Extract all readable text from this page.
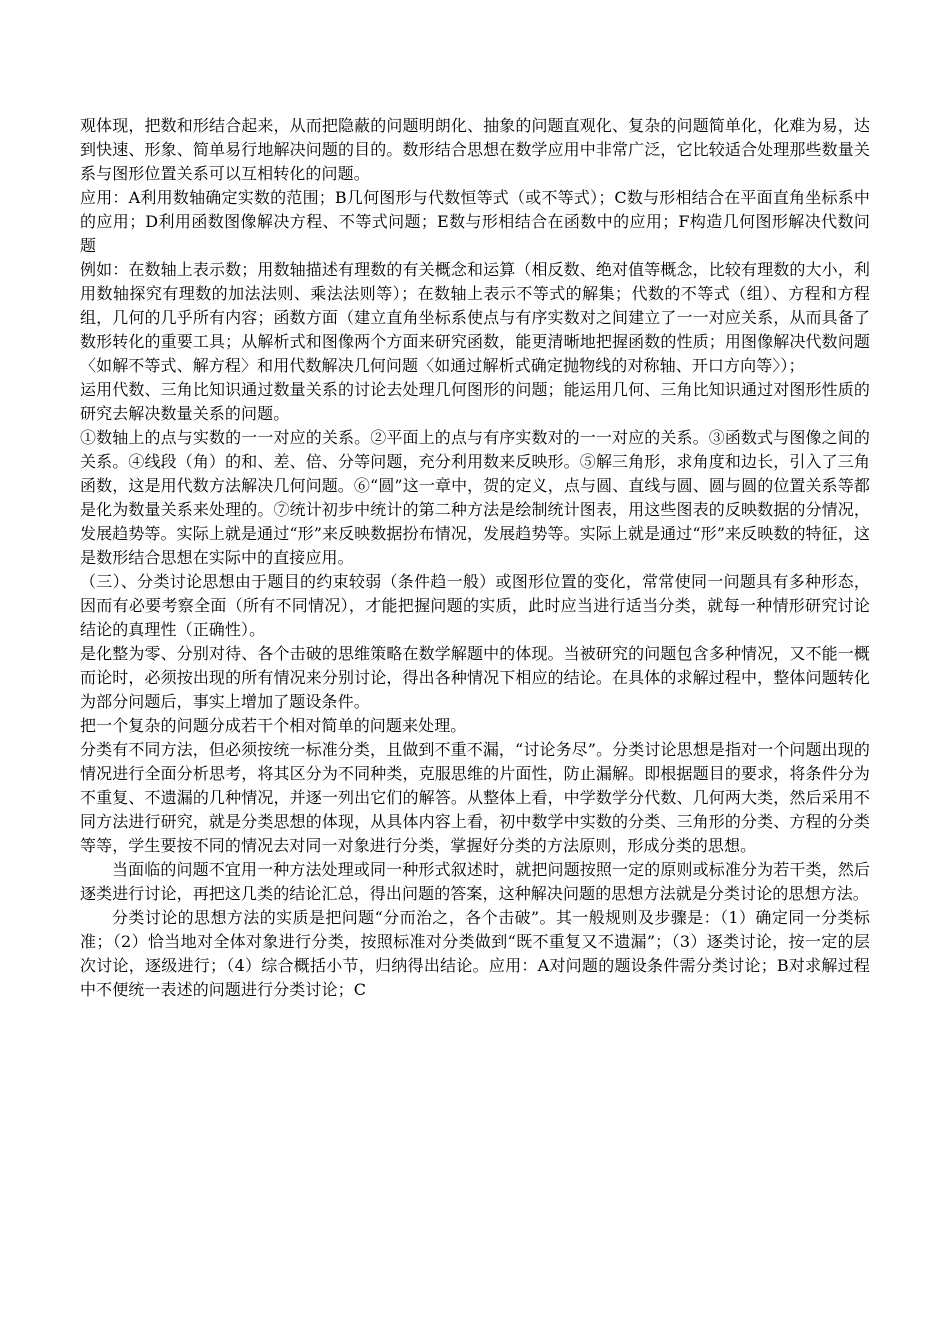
观体现，把数和形结合起来，从而把隐蔽的问题明朗化、抽象的问题直观化、复杂的问题简单化，化难为易，达到快速、形象、简单易行地解决问题的目的。数形结合思想在数学应用中非常广泛，它比较适合处理那些数量关系与图形位置关系可以互相转化的问题。

应用：A利用数轴确定实数的范围；B几何图形与代数恒等式（或不等式）；C数与形相结合在平面直角坐标系中的应用；D利用函数图像解决方程、不等式问题；E数与形相结合在函数中的应用；F构造几何图形解决代数问题

例如：在数轴上表示数；用数轴描述有理数的有关概念和运算（相反数、绝对值等概念，比较有理数的大小，利用数轴探究有理数的加法法则、乘法法则等）；在数轴上表示不等式的解集；代数的不等式（组）、方程和方程组，几何的几乎所有内容；函数方面（建立直角坐标系使点与有序实数对之间建立了一一对应关系，从而具备了数形转化的重要工具；从解析式和图像两个方面来研究函数，能更清晰地把握函数的性质；用图像解决代数问题〈如解不等式、解方程〉和用代数解决几何问题〈如通过解析式确定抛物线的对称轴、开口方向等〉）；

运用代数、三角比知识通过数量关系的讨论去处理几何图形的问题；能运用几何、三角比知识通过对图形性质的研究去解决数量关系的问题。

①数轴上的点与实数的一一对应的关系。②平面上的点与有序实数对的一一对应的关系。③函数式与图像之间的关系。④线段（角）的和、差、倍、分等问题，充分利用数来反映形。⑤解三角形，求角度和边长，引入了三角函数，这是用代数方法解决几何问题。⑥“圆”这一章中，贺的定义，点与圆、直线与圆、圆与圆的位置关系等都是化为数量关系来处理的。⑦统计初步中统计的第二种方法是绘制统计图表，用这些图表的反映数据的分情况，发展趋势等。实际上就是通过“形”来反映数据扮布情况，发展趋势等。实际上就是通过“形”来反映数的特征，这是数形结合思想在实际中的直接应用。

（三）、分类讨论思想由于题目的约束较弱（条件趋一般）或图形位置的变化，常常使同一问题具有多种形态，因而有必要考察全面（所有不同情况），才能把握问题的实质，此时应当进行适当分类，就每一种情形研究讨论结论的真理性（正确性）。

是化整为零、分别对待、各个击破的思维策略在数学解题中的体现。当被研究的问题包含多种情况，又不能一概而论时，必须按出现的所有情况来分别讨论，得出各种情况下相应的结论。在具体的求解过程中，整体问题转化为部分问题后，事实上增加了题设条件。

把一个复杂的问题分成若干个相对简单的问题来处理。

分类有不同方法，但必须按统一标准分类，且做到不重不漏，“讨论务尽”。分类讨论思想是指对一个问题出现的情况进行全面分析思考，将其区分为不同种类，克服思维的片面性，防止漏解。即根据题目的要求，将条件分为不重复、不遗漏的几种情况，并逐一列出它们的解答。从整体上看，中学数学分代数、几何两大类，然后采用不同方法进行研究，就是分类思想的体现，从具体内容上看，初中数学中实数的分类、三角形的分类、方程的分类等等，学生要按不同的情况去对同一对象进行分类，掌握好分类的方法原则，形成分类的思想。

当面临的问题不宜用一种方法处理或同一种形式叙述时，就把问题按照一定的原则或标准分为若干类，然后逐类进行讨论，再把这几类的结论汇总，得出问题的答案，这种解决问题的思想方法就是分类讨论的思想方法。

分类讨论的思想方法的实质是把问题“分而治之，各个击破”。其一般规则及步骤是：（1）确定同一分类标准；（2）恰当地对全体对象进行分类，按照标准对分类做到“既不重复又不遗漏”；（3）逐类讨论，按一定的层次讨论，逐级进行；（4）综合概括小节，归纳得出结论。应用：A对问题的题设条件需分类讨论；B对求解过程中不便统一表述的问题进行分类讨论；C
